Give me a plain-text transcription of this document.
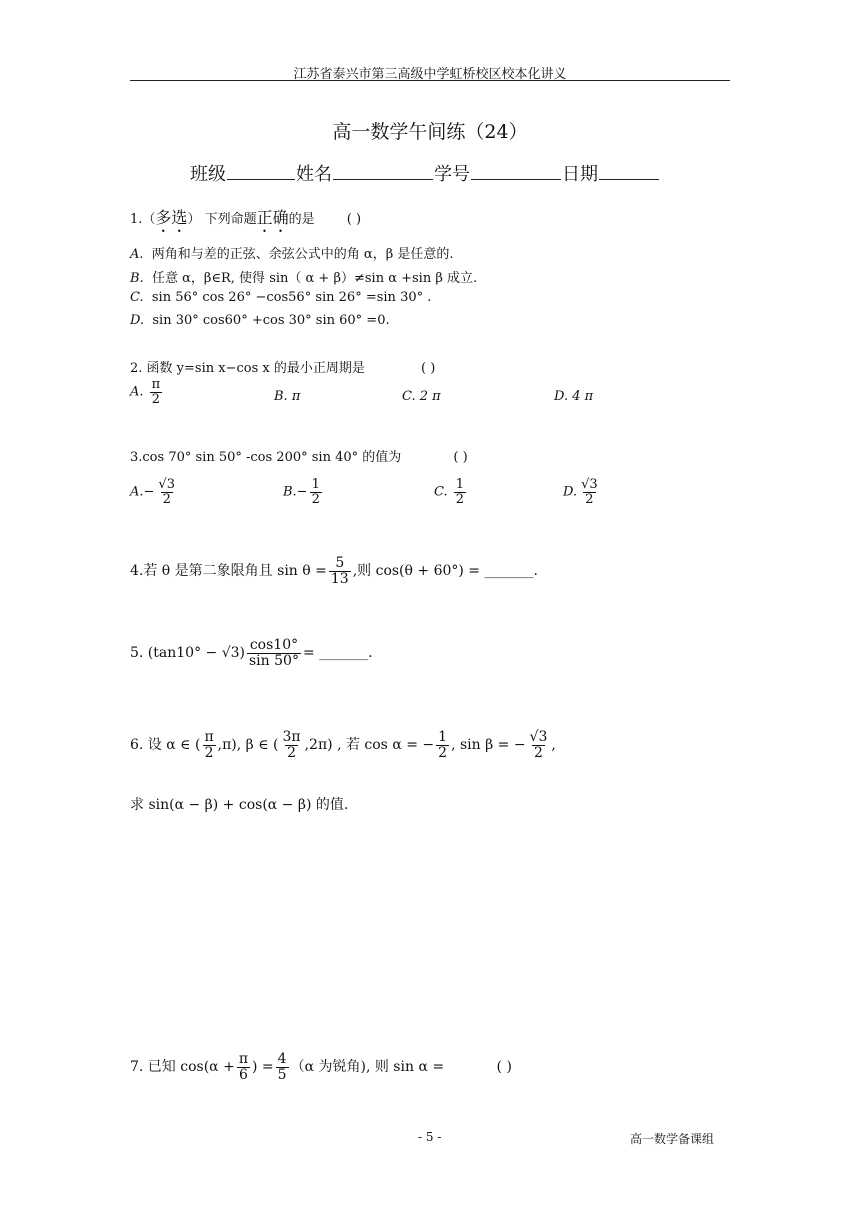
江苏省泰兴市第三高级中学虹桥校区校本化讲义
高一数学午间练（24）
班级	姓名	学号	日期
1.（多选） 下列命题正确的是 ( )
A. 两角和与差的正弦、余弦公式中的角 α，β 是任意的.
B. 任意 α，β∈R, 使得 sin（ α + β）≠sin α +sin β 成立.
C. sin 56° cos 26° −cos56° sin 26° =sin 30° .
D. sin 30° cos60° +cos 30° sin 60° =0.
2. 函数 y=sin x−cos x 的最小正周期是	( )
A. $\frac{\pi}{2}$	B. π	C. 2 π	D. 4 π
3.cos 70° sin 50° -cos 200° sin 40° 的值为	( )
$A.- \frac{√3}{2}$	$B.- \frac{1}{2}$	C. $\frac{1}{2}$	D. $\frac{√3}{2}$
4.若 θ 是第二象限角且 $\sin \theta = \frac{5}{13}$ ,则 cos(θ + 60°) = _______.
5. $(\tan 10^\circ - √3) \frac{\cos 10^\circ}{\sin 50^\circ}$ = _______.
6. 设 α ∈ ( $\frac{\pi}{2} ,\pi$), β ∈ ( $\frac{3\pi}{2} ,2\pi$) , 若 cos α = − $\frac{1}{2}$ , sin β = − $\frac{√3}{2}$ ,
求 sin(α − β) + cos(α − β) 的值.
7. 已知 $\cos(\alpha + \frac{\pi}{6}$ ) = $\frac{4}{5} (\alpha$ 为锐角), 则 sin α =	( )
- 5 -	高一数学备课组
